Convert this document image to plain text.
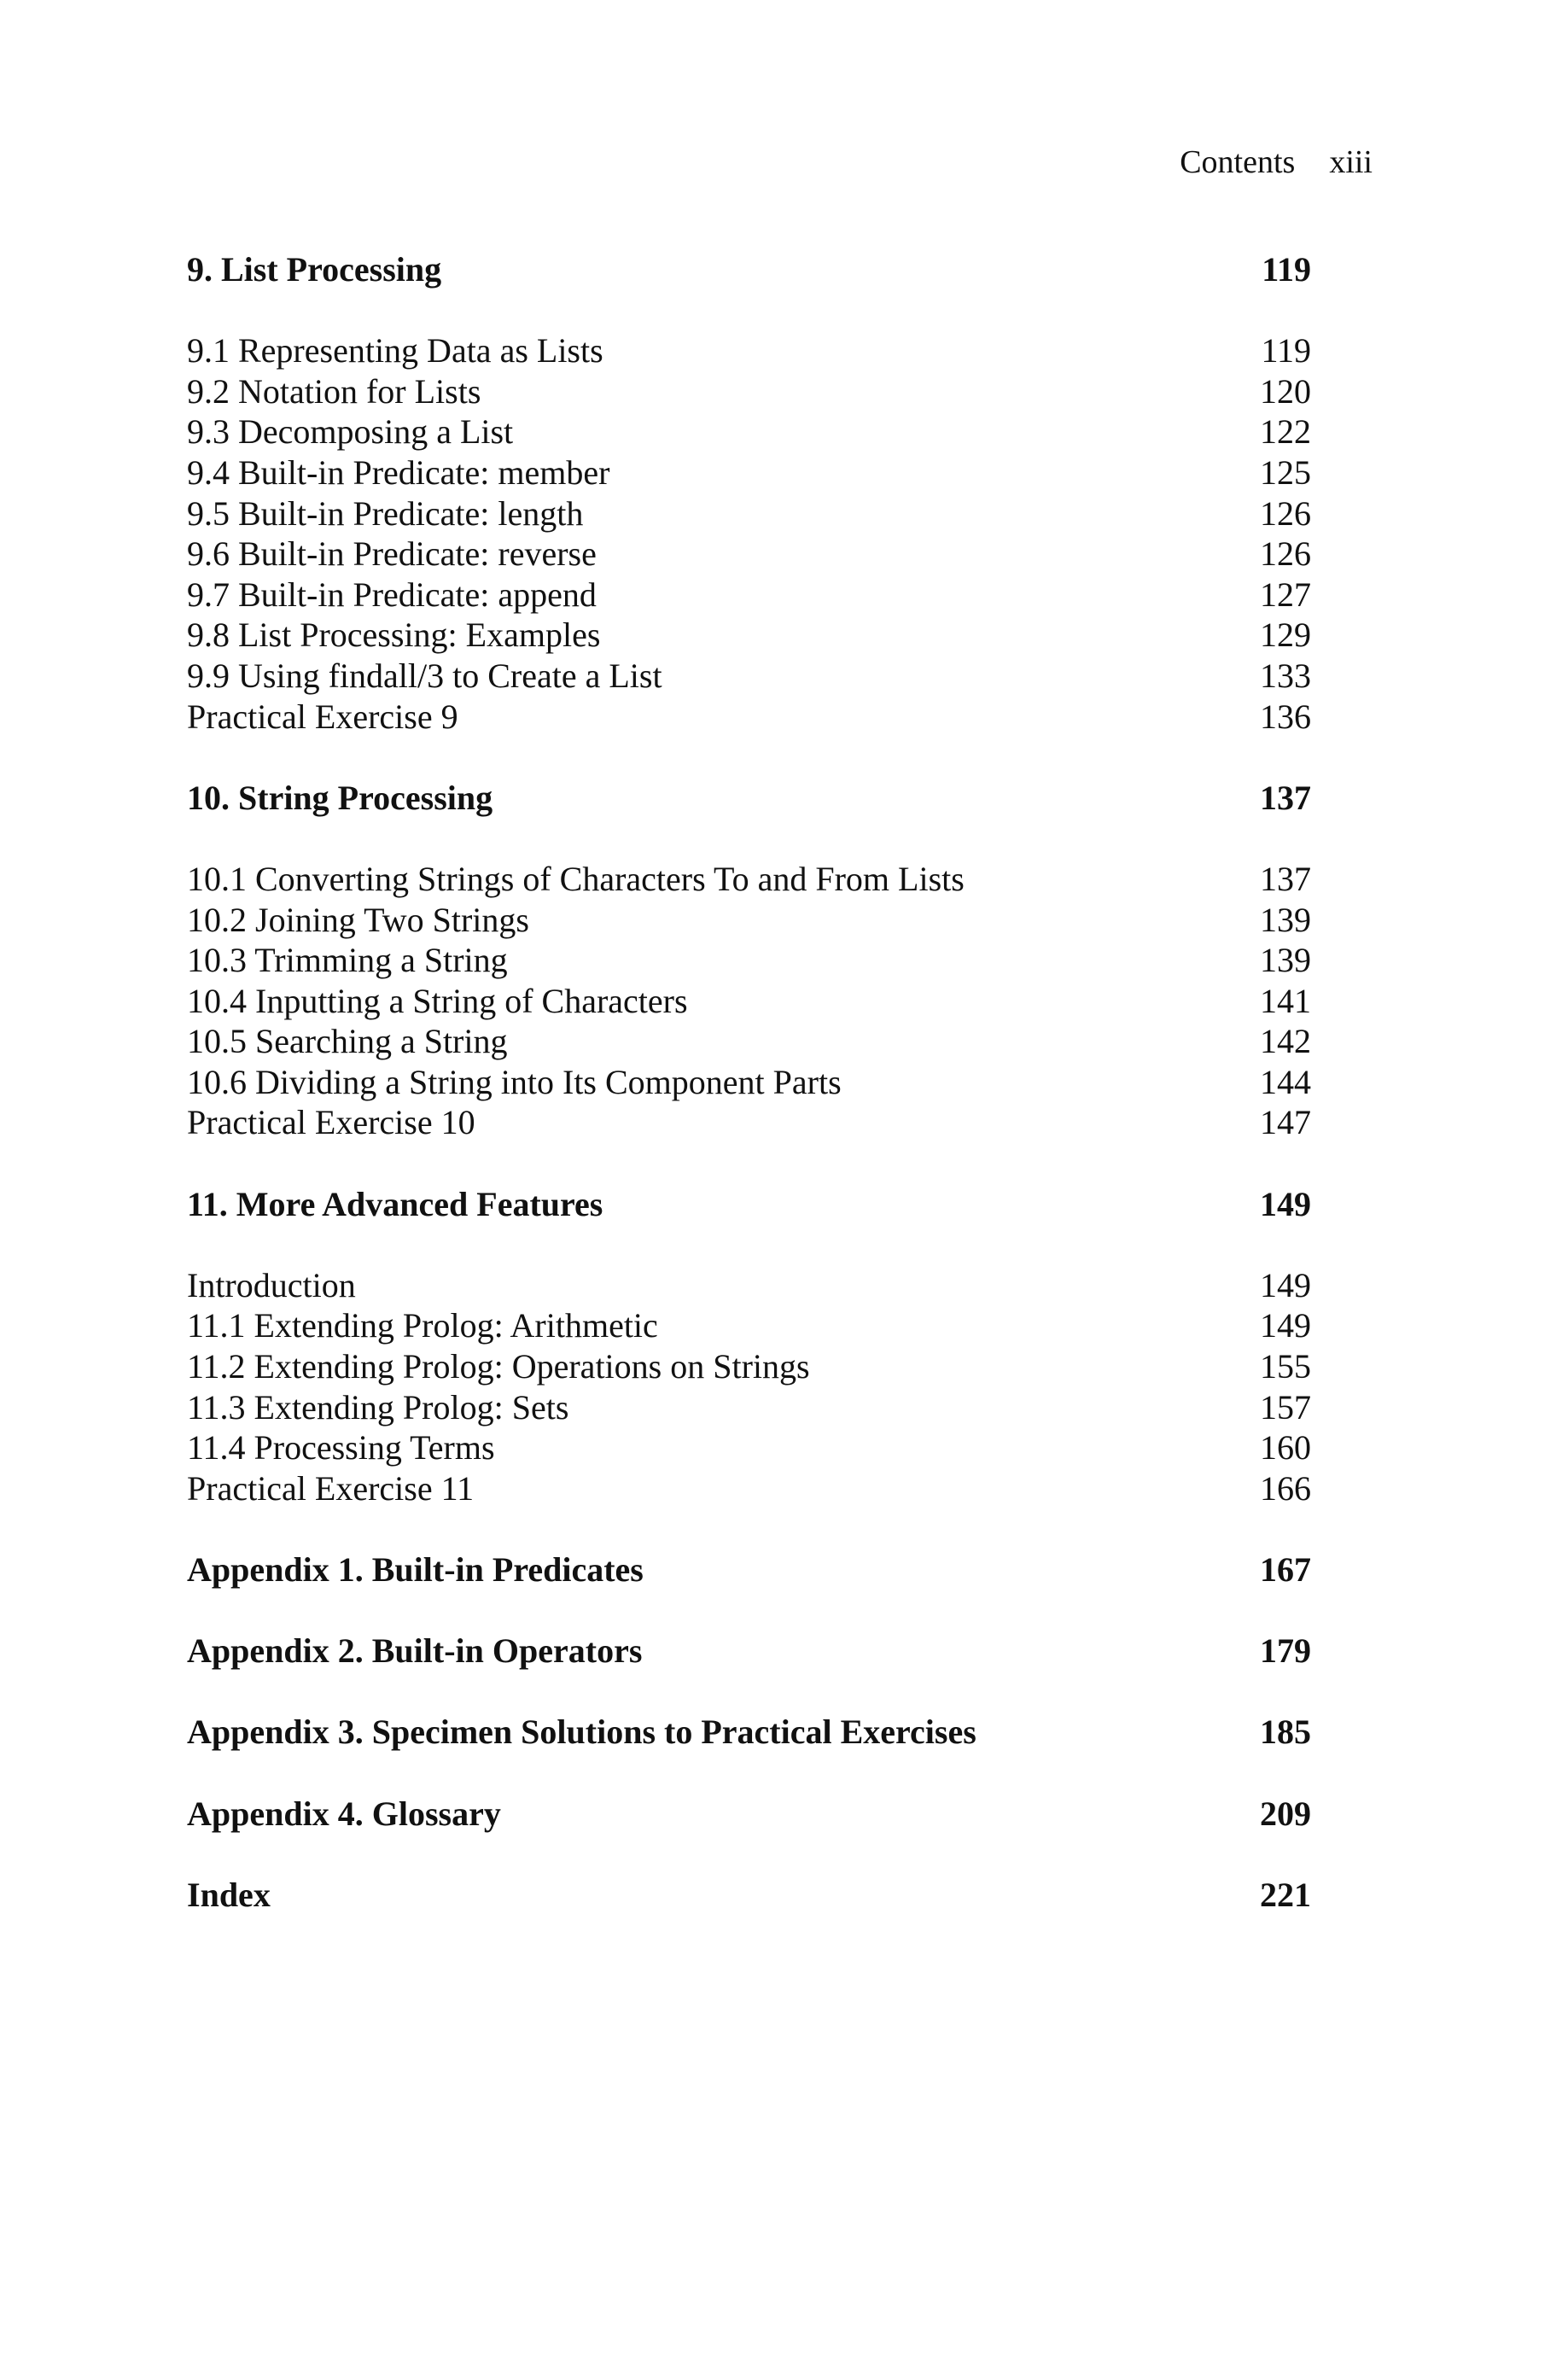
Contents xiii
9. List Processing	119
9.1 Representing Data as Lists	119
9.2 Notation for Lists	120
9.3 Decomposing a List	122
9.4 Built-in Predicate: member	125
9.5 Built-in Predicate: length	126
9.6 Built-in Predicate: reverse	126
9.7 Built-in Predicate: append	127
9.8 List Processing: Examples	129
9.9 Using findall/3 to Create a List	133
Practical Exercise 9	136
10. String Processing	137
10.1 Converting Strings of Characters To and From Lists	137
10.2 Joining Two Strings	139
10.3 Trimming a String	139
10.4 Inputting a String of Characters	141
10.5 Searching a String	142
10.6 Dividing a String into Its Component Parts	144
Practical Exercise 10	147
11. More Advanced Features	149
Introduction	149
11.1 Extending Prolog: Arithmetic	149
11.2 Extending Prolog: Operations on Strings	155
11.3 Extending Prolog: Sets	157
11.4 Processing Terms	160
Practical Exercise 11	166
Appendix 1. Built-in Predicates	167
Appendix 2. Built-in Operators	179
Appendix 3. Specimen Solutions to Practical Exercises	185
Appendix 4. Glossary	209
Index	221
